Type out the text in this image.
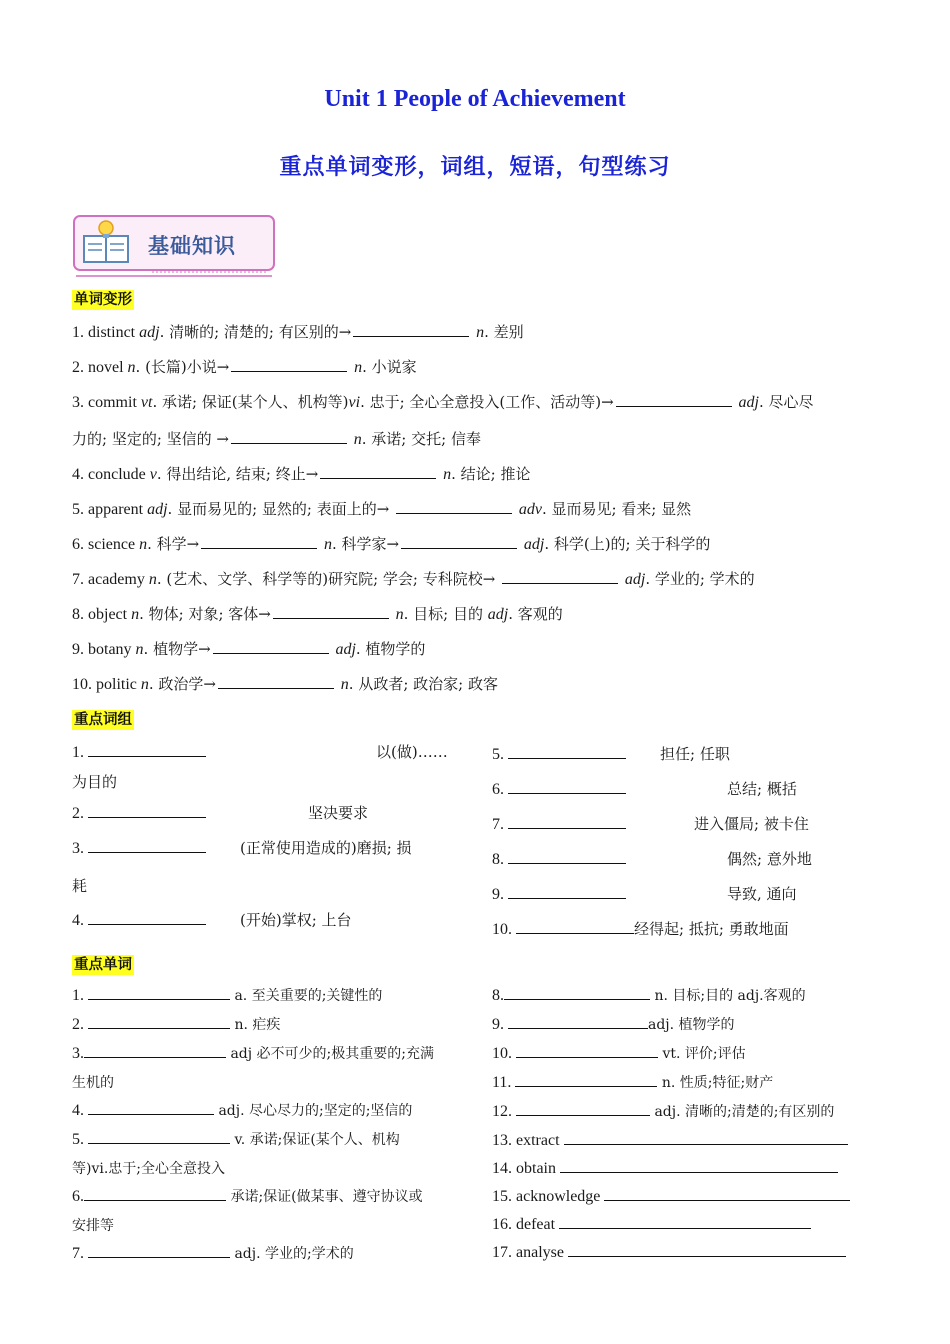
Unit 1 People of Achievement
重点单词变形，词组，短语，句型练习
基础知识
单词变形
1. distinct adj. 清晰的; 清楚的; 有区别的→	n. 差别
2. novel n. (长篇)小说→	n. 小说家
3. commit vt. 承诺; 保证(某个人、机构等)vi. 忠于; 全心全意投入(工作、活动等)→	adj. 尽心尽
力的; 坚定的; 坚信的 →	n. 承诺; 交托; 信奉
4. conclude v. 得出结论, 结束; 终止→	n. 结论; 推论
5. apparent adj. 显而易见的; 显然的; 表面上的→	adv. 显而易见; 看来; 显然
6. science n. 科学→	n. 科学家→	adj. 科学(上)的; 关于科学的
7. academy n. (艺术、文学、科学等的)研究院; 学会; 专科院校→	adj. 学业的; 学术的
8. object n. 物体; 对象; 客体→	n. 目标; 目的 adj. 客观的
9. botany n. 植物学→	adj. 植物学的
10. politic n. 政治学→	n. 从政者; 政治家; 政客
重点词组
1.	以(做)……
为目的
2.	坚决要求
3.	(正常使用造成的)磨损; 损
耗
4.	(开始)掌权; 上台
5.	担任; 任职
6.	总结; 概括
7.	进入僵局; 被卡住
8.	偶然; 意外地
9.	导致, 通向
10.	经得起; 抵抗; 勇敢地面
重点单词
1.	a. 至关重要的;关键性的
2.	n. 疟疾
3.	adj 必不可少的;极其重要的;充满
生机的
4.	adj. 尽心尽力的;坚定的;坚信的
5.	v. 承诺;保证(某个人、机构
等)vi.忠于;全心全意投入
6.	承诺;保证(做某事、遵守协议或
安排等
7.	adj. 学业的;学术的
8.	n. 目标;目的 adj.客观的
9.	adj. 植物学的
10.	vt. 评价;评估
11.	n. 性质;特征;财产
12.	adj. 清晰的;清楚的;有区别的
13. extract
14. obtain
15. acknowledge
16. defeat
17. analyse
